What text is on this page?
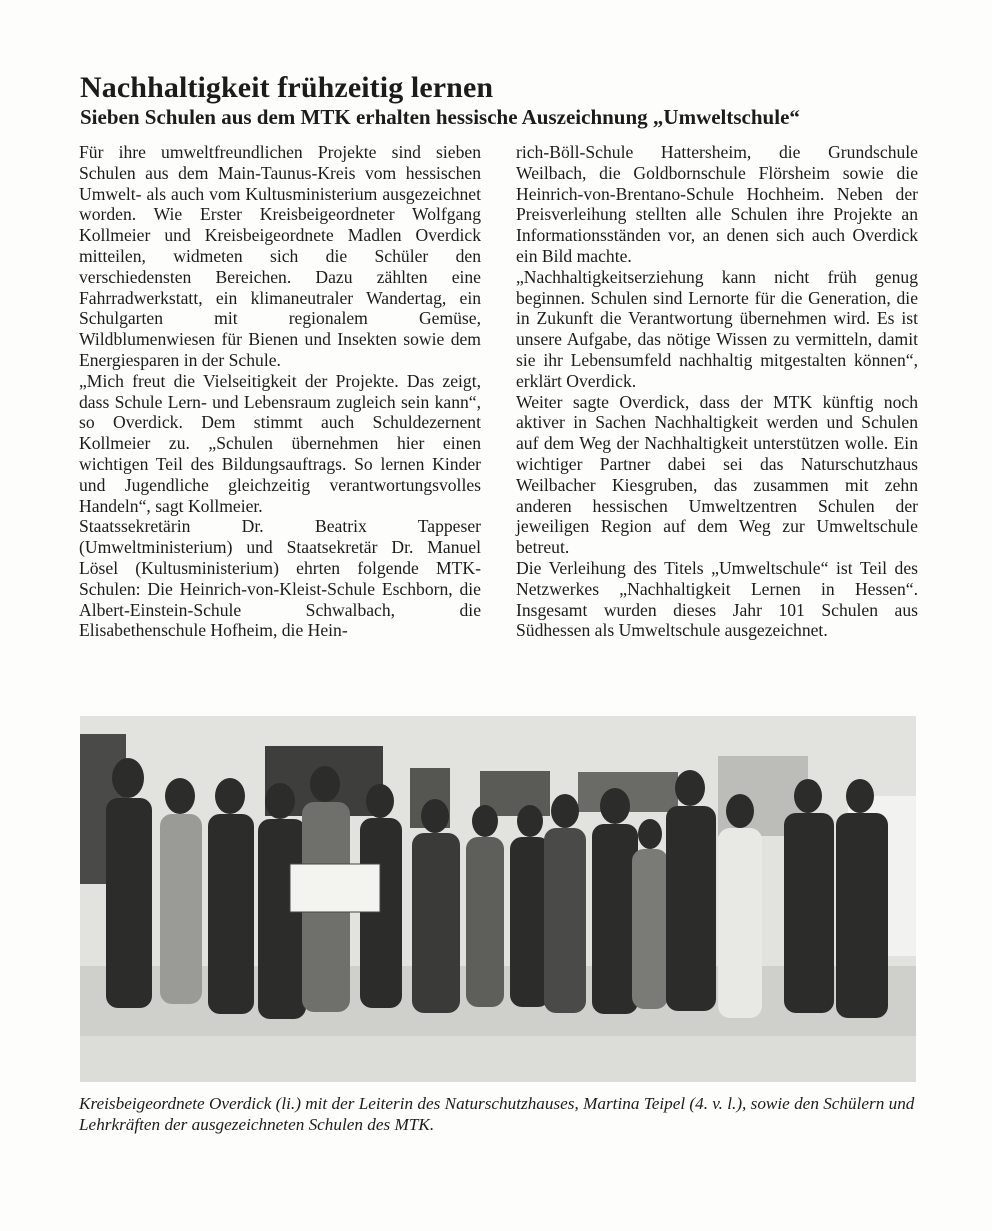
Nachhaltigkeit frühzeitig lernen
Sieben Schulen aus dem MTK erhalten hessische Auszeichnung „Umweltschule“

Für ihre umweltfreundlichen Projekte sind sieben Schulen aus dem Main-Taunus-Kreis vom hessischen Umwelt- als auch vom Kultusministerium ausgezeichnet worden. Wie Erster Kreisbeigeordneter Wolfgang Kollmeier und Kreisbeigeordnete Madlen Overdick mitteilen, widmeten sich die Schüler den verschiedensten Bereichen. Dazu zählten eine Fahrradwerkstatt, ein klimaneutraler Wandertag, ein Schulgarten mit regionalem Gemüse, Wildblumenwiesen für Bienen und Insekten sowie dem Energiesparen in der Schule.

„Mich freut die Vielseitigkeit der Projekte. Das zeigt, dass Schule Lern- und Lebensraum zugleich sein kann“, so Overdick. Dem stimmt auch Schuldezernent Kollmeier zu. „Schulen übernehmen hier einen wichtigen Teil des Bildungsauftrags. So lernen Kinder und Jugendliche gleichzeitig verantwortungsvolles Handeln“, sagt Kollmeier.

Staatssekretärin Dr. Beatrix Tappeser (Umweltministerium) und Staatsekretär Dr. Manuel Lösel (Kultusministerium) ehrten folgende MTK-Schulen: Die Heinrich-von-Kleist-Schule Eschborn, die Albert-Einstein-Schule Schwalbach, die Elisabethenschule Hofheim, die Hein-

rich-Böll-Schule Hattersheim, die Grundschule Weilbach, die Goldbornschule Flörsheim sowie die Heinrich-von-Brentano-Schule Hochheim. Neben der Preisverleihung stellten alle Schulen ihre Projekte an Informationsständen vor, an denen sich auch Overdick ein Bild machte.

„Nachhaltigkeitserziehung kann nicht früh genug beginnen. Schulen sind Lernorte für die Generation, die in Zukunft die Verantwortung übernehmen wird. Es ist unsere Aufgabe, das nötige Wissen zu vermitteln, damit sie ihr Lebensumfeld nachhaltig mitgestalten können“, erklärt Overdick.

Weiter sagte Overdick, dass der MTK künftig noch aktiver in Sachen Nachhaltigkeit werden und Schulen auf dem Weg der Nachhaltigkeit unterstützen wolle. Ein wichtiger Partner dabei sei das Naturschutzhaus Weilbacher Kiesgruben, das zusammen mit zehn anderen hessischen Umweltzentren Schulen der jeweiligen Region auf dem Weg zur Umweltschule betreut.

Die Verleihung des Titels „Umweltschule“ ist Teil des Netzwerkes „Nachhaltigkeit Lernen in Hessen“. Insgesamt wurden dieses Jahr 101 Schulen aus Südhessen als Umweltschule ausgezeichnet.

Kreisbeigeordnete Overdick (li.) mit der Leiterin des Naturschutzhauses, Martina Teipel (4. v. l.), sowie den Schülern und Lehrkräften der ausgezeichneten Schulen des MTK.
